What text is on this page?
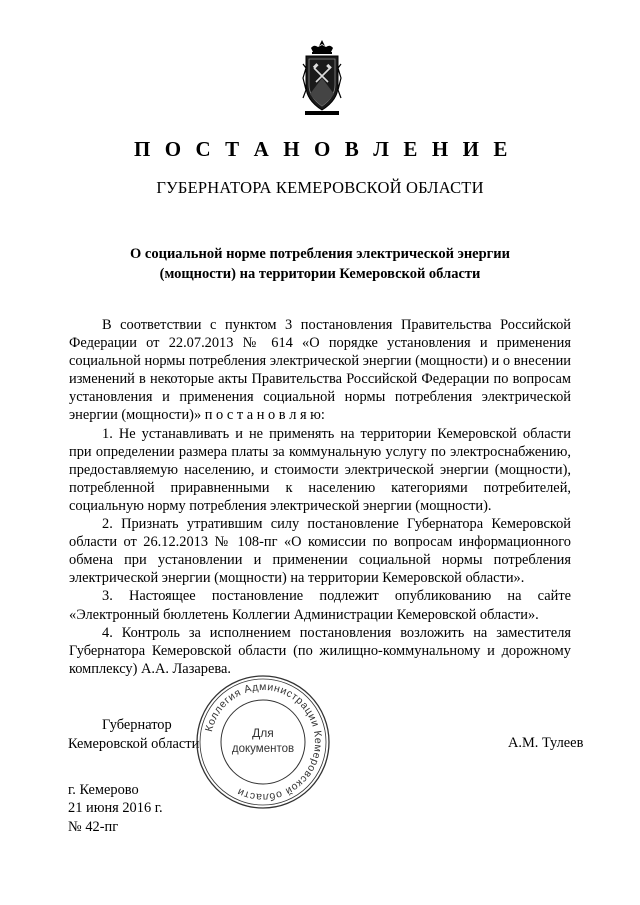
П О С Т А Н О В Л Е Н И Е
ГУБЕРНАТОРА КЕМЕРОВСКОЙ ОБЛАСТИ
О социальной норме потребления электрической энергии
(мощности) на территории Кемеровской области

В соответствии с пунктом 3 постановления Правительства Российской Федерации от 22.07.2013 № 614 «О порядке установления и применения социальной нормы потребления электрической энергии (мощности) и о внесении изменений в некоторые акты Правительства Российской Федерации по вопросам установления и применения социальной нормы потребления электрической энергии (мощности)» п о с т а н о в л я ю:

1. Не устанавливать и не применять на территории Кемеровской области при определении размера платы за коммунальную услугу по электроснабжению, предоставляемую населению, и стоимости электрической энергии (мощности), потребленной приравненными к населению категориями потребителей, социальную норму потребления электрической энергии (мощности).

2. Признать утратившим силу постановление Губернатора Кемеровской области от 26.12.2013 № 108-пг «О комиссии по вопросам информационного обмена при установлении и применении социальной нормы потребления электрической энергии (мощности) на территории Кемеровской области».

3. Настоящее постановление подлежит опубликованию на сайте «Электронный бюллетень Коллегии Администрации Кемеровской области».

4. Контроль за исполнением постановления возложить на заместителя Губернатора Кемеровской области (по жилищно-коммунальному и дорожному комплексу) А.А. Лазарева.

Губернатор
Кемеровской области
Коллегия Администрации Кемеровской области
Для
документов	А.М. Тулеев
г. Кемерово
21 июня 2016 г.
№ 42-пг
